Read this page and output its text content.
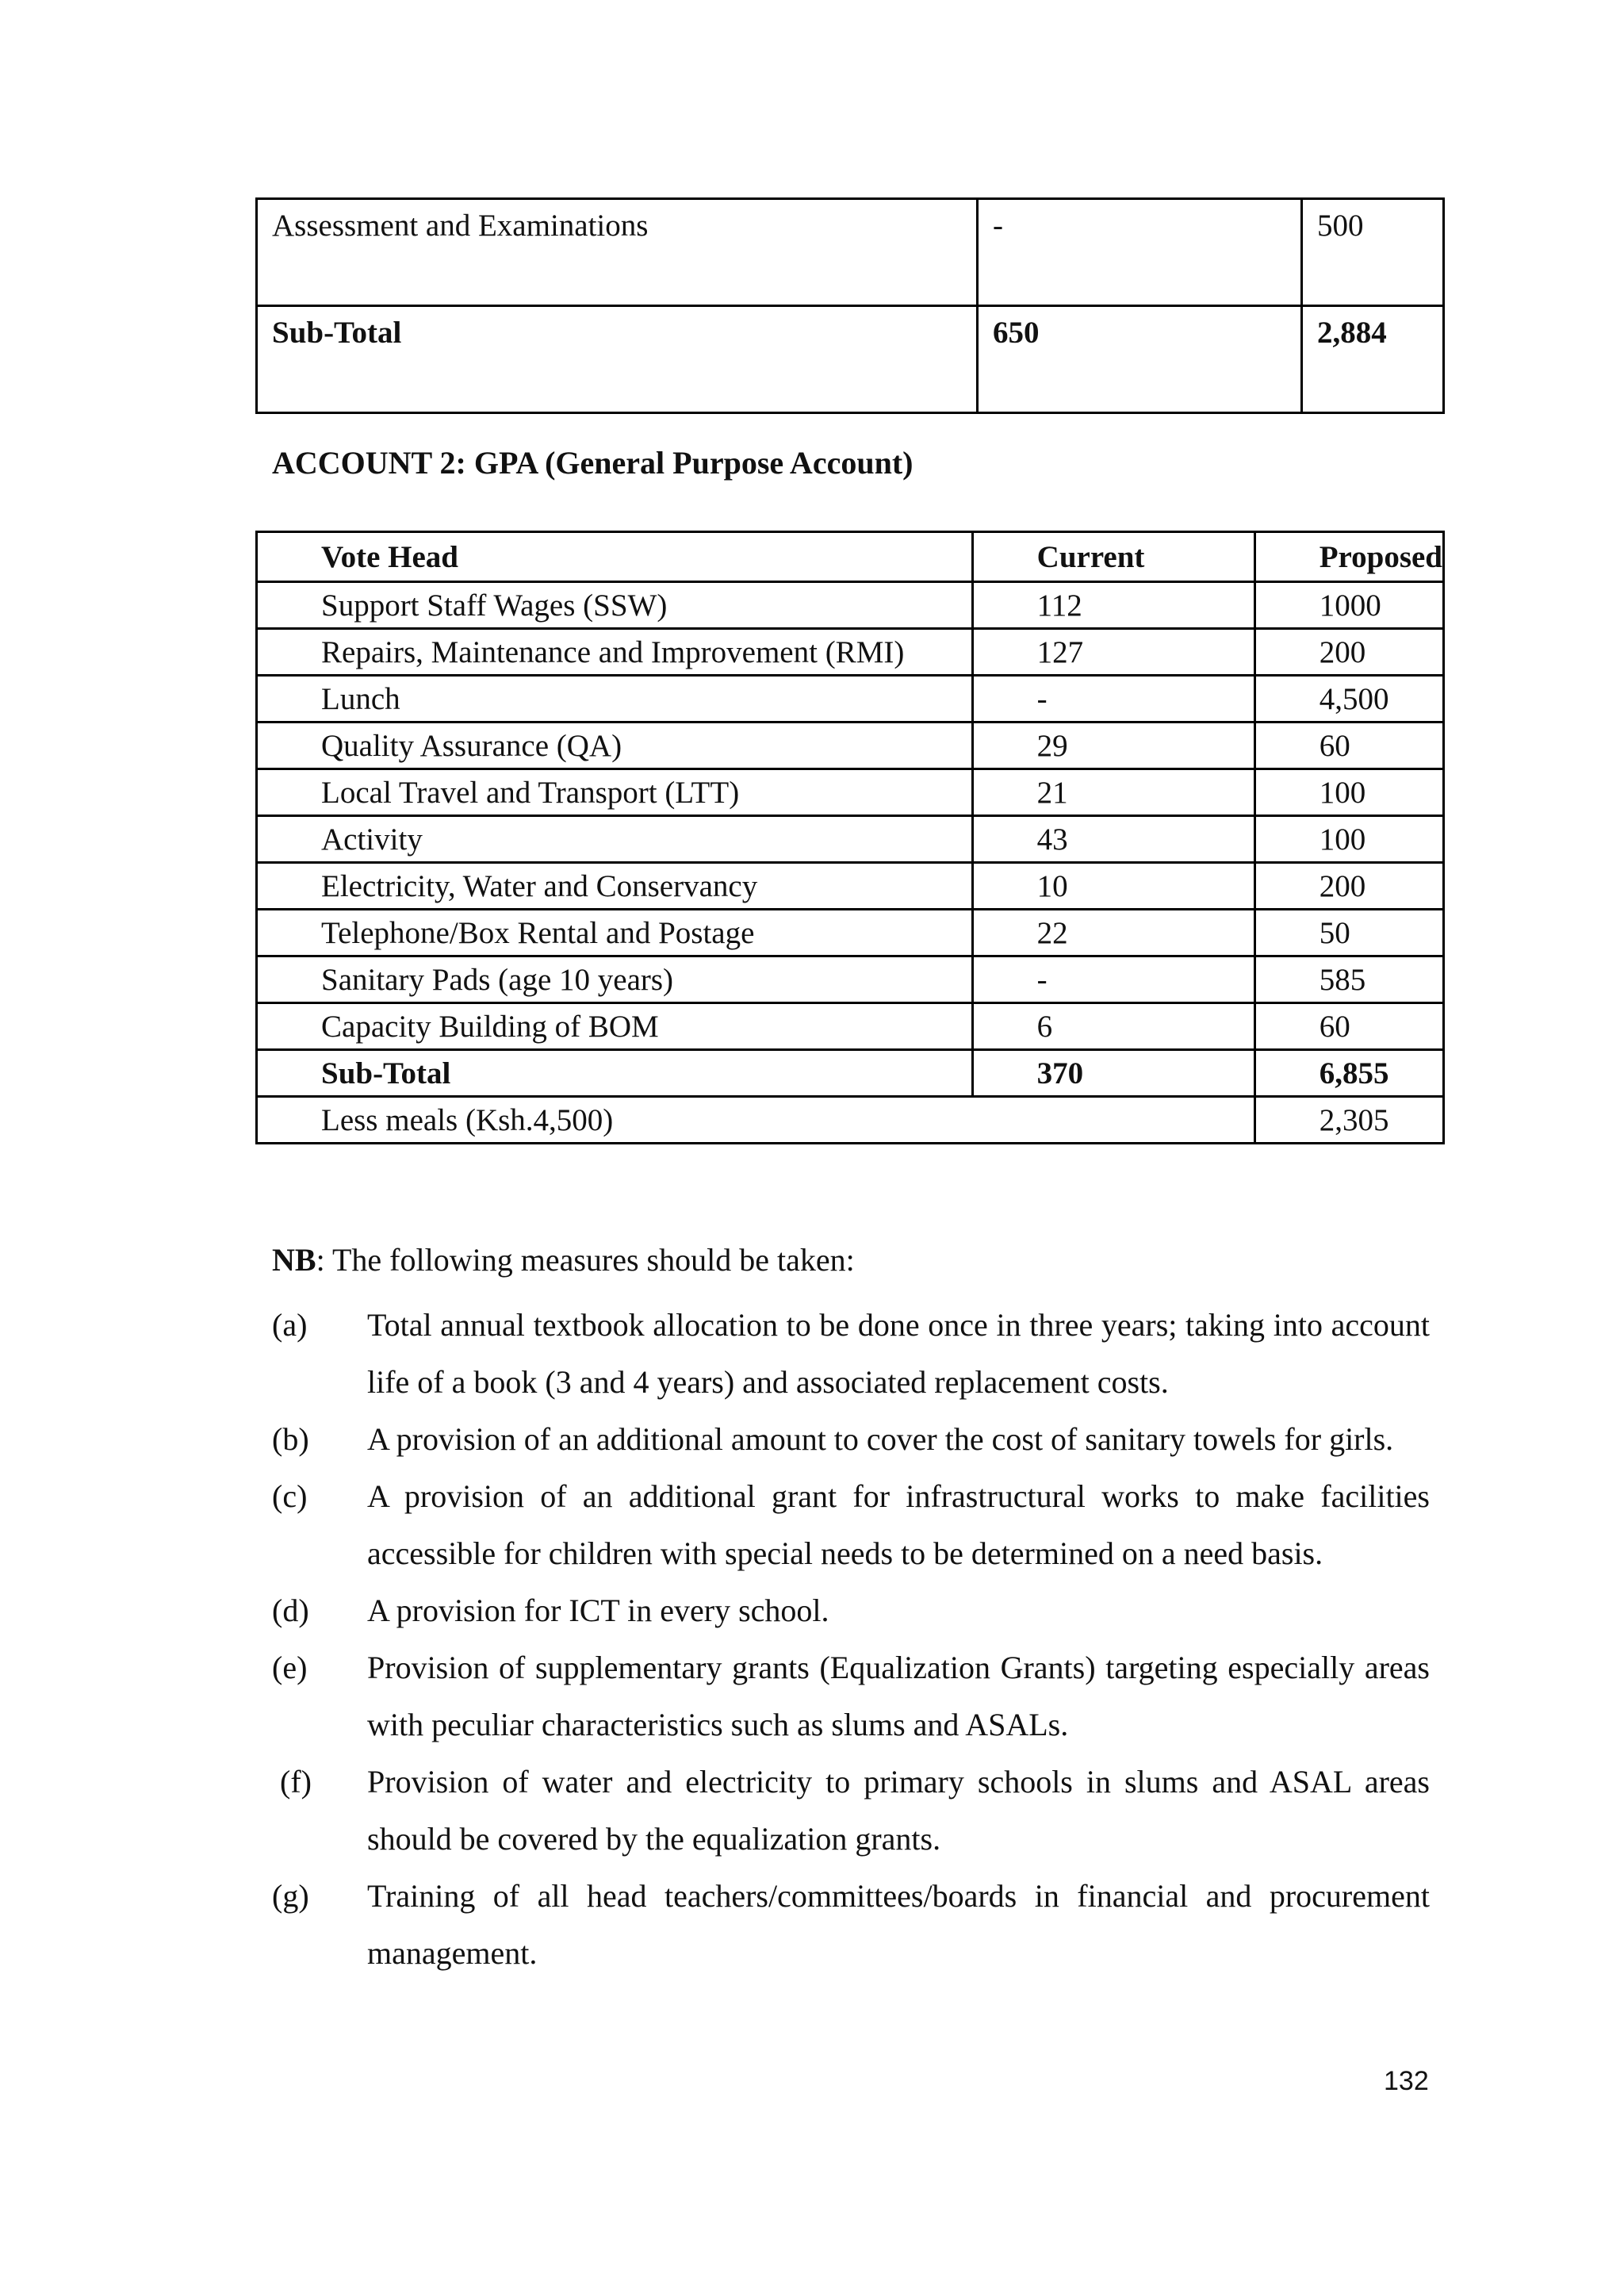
Assessment and Examinations	-	500
Sub-Total	650	2,884
ACCOUNT 2: GPA (General Purpose Account)
Vote Head	Current	Proposed
Support Staff Wages (SSW)	112	1000
Repairs, Maintenance and Improvement (RMI)	127	200
Lunch	-	4,500
Quality Assurance (QA)	29	60
Local Travel and Transport (LTT)	21	100
Activity	43	100
Electricity, Water and Conservancy	10	200
Telephone/Box Rental and Postage	22	50
Sanitary Pads (age 10 years)	-	585
Capacity Building of BOM	6	60
Sub-Total	370	6,855
Less meals (Ksh.4,500)		2,305
NB: The following measures should be taken:
(a)	Total annual textbook allocation to be done once in three years; taking into account life of a book (3 and 4 years) and associated replacement costs.
(b)	A provision of an additional amount to cover the cost of sanitary towels for girls.
(c)	A provision of an additional grant for infrastructural works to make facilities accessible for children with special needs to be determined on a need basis.
(d)	A provision for ICT in every school.
(e)	Provision of supplementary grants (Equalization Grants) targeting especially areas with peculiar characteristics such as slums and ASALs.
(f)	Provision of water and electricity to primary schools in slums and ASAL areas should be covered by the equalization grants.
(g)	Training of all head teachers/committees/boards in financial and procurement management.
132
